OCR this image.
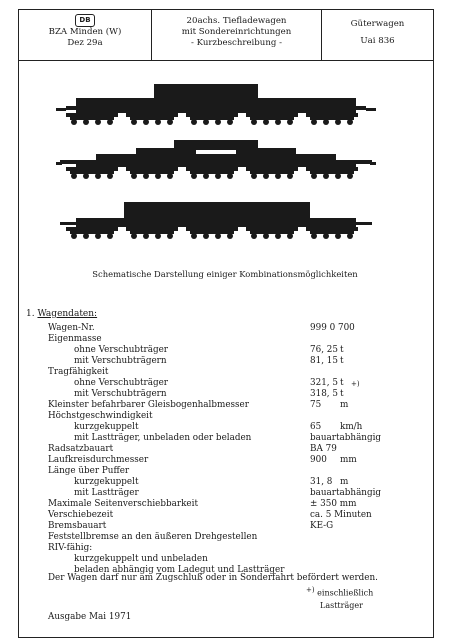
DB
BZA Minden (W)
Dez 29a
20achs. Tiefladewagen
mit Sondereinrichtungen
- Kurzbeschreibung -
Güterwagen
Uai 836
Schematische Darstellung einiger Kombinationsmöglichkeiten
1. Wagendaten:
Wagen-Nr.	999 0 700
Eigenmasse
ohne Verschubträger	76, 25 t
mit Verschubträgern	81, 15 t
Tragfähigkeit
ohne Verschubträger	321, 5 t +)
mit Verschubträgern	318, 5 t
Kleinster befahrbarer Gleisbogenhalbmesser	75 m
Höchstgeschwindigkeit
kurzgekuppelt	65 km/h
mit Lastträger, unbeladen oder beladen	bauartabhängig
Radsatzbauart	BA 79
Laufkreisdurchmesser	900 mm
Länge über Puffer
kurzgekuppelt	31, 8 m
mit Lastträger	bauartabhängig
Maximale Seitenverschiebbarkeit	± 350 mm
Verschiebezeit	ca. 5 Minuten
Bremsbauart	KE-G
Feststellbremse an den äußeren Drehgestellen
RIV-fähig:
kurzgekuppelt und unbeladen
beladen abhängig vom Ladegut und Lastträger
Der Wagen darf nur am Zugschluß oder in Sonderfahrt befördert werden.
+) einschließlich
Lastträger
Ausgabe Mai 1971
